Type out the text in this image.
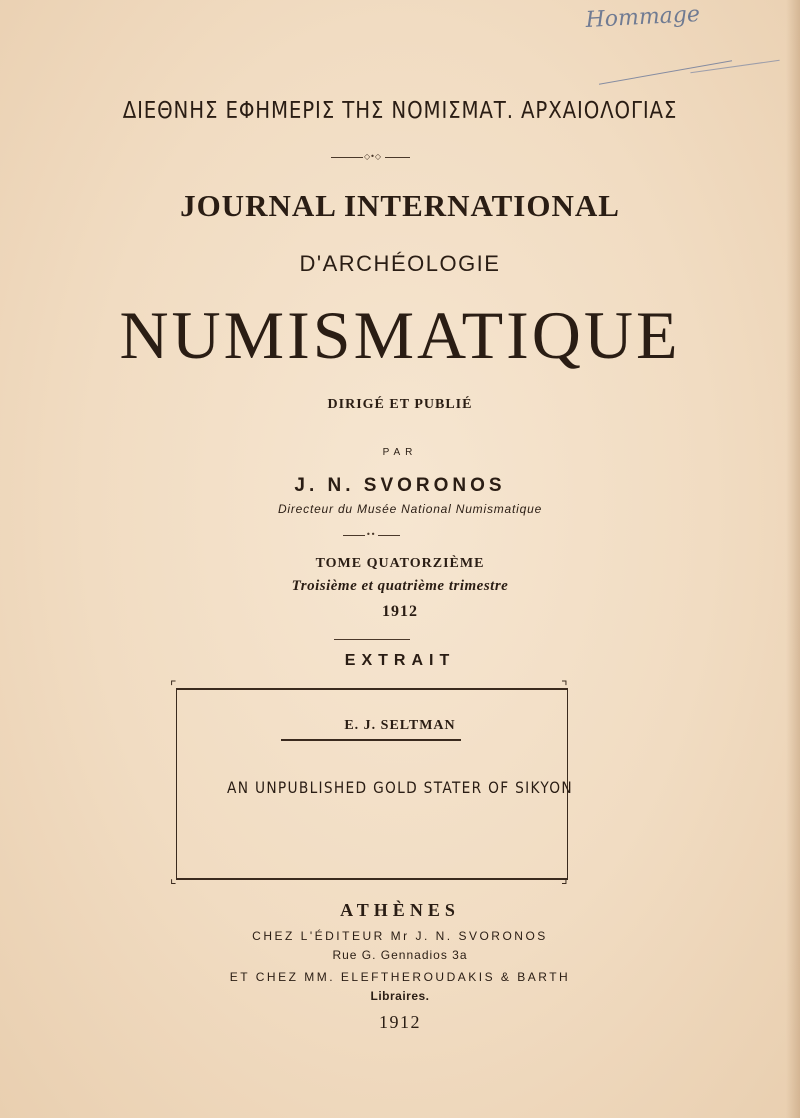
Hommage
ΔΙΕΘΝΗΣ ΕΦΗΜΕΡΙΣ ΤΗΣ ΝΟΜΙΣΜΑΤ. ΑΡΧΑΙΟΛΟΓΙΑΣ
◇•◇
JOURNAL INTERNATIONAL
D'ARCHÉOLOGIE
NUMISMATIQUE
DIRIGÉ ET PUBLIÉ
PAR
J. N. SVORONOS
Directeur du Musée National Numismatique
••
TOME QUATORZIÈME
Troisième et quatrième trimestre
1912
EXTRAIT
⌜	⌝
⌞	⌟
E. J. SELTMAN
AN UNPUBLISHED GOLD STATER OF SIKYON
ATHÈNES
CHEZ L'ÉDITEUR Mr J. N. SVORONOS
Rue G. Gennadios 3a
ET CHEZ MM. ELEFTHEROUDAKIS & BARTH
Libraires.
1912
